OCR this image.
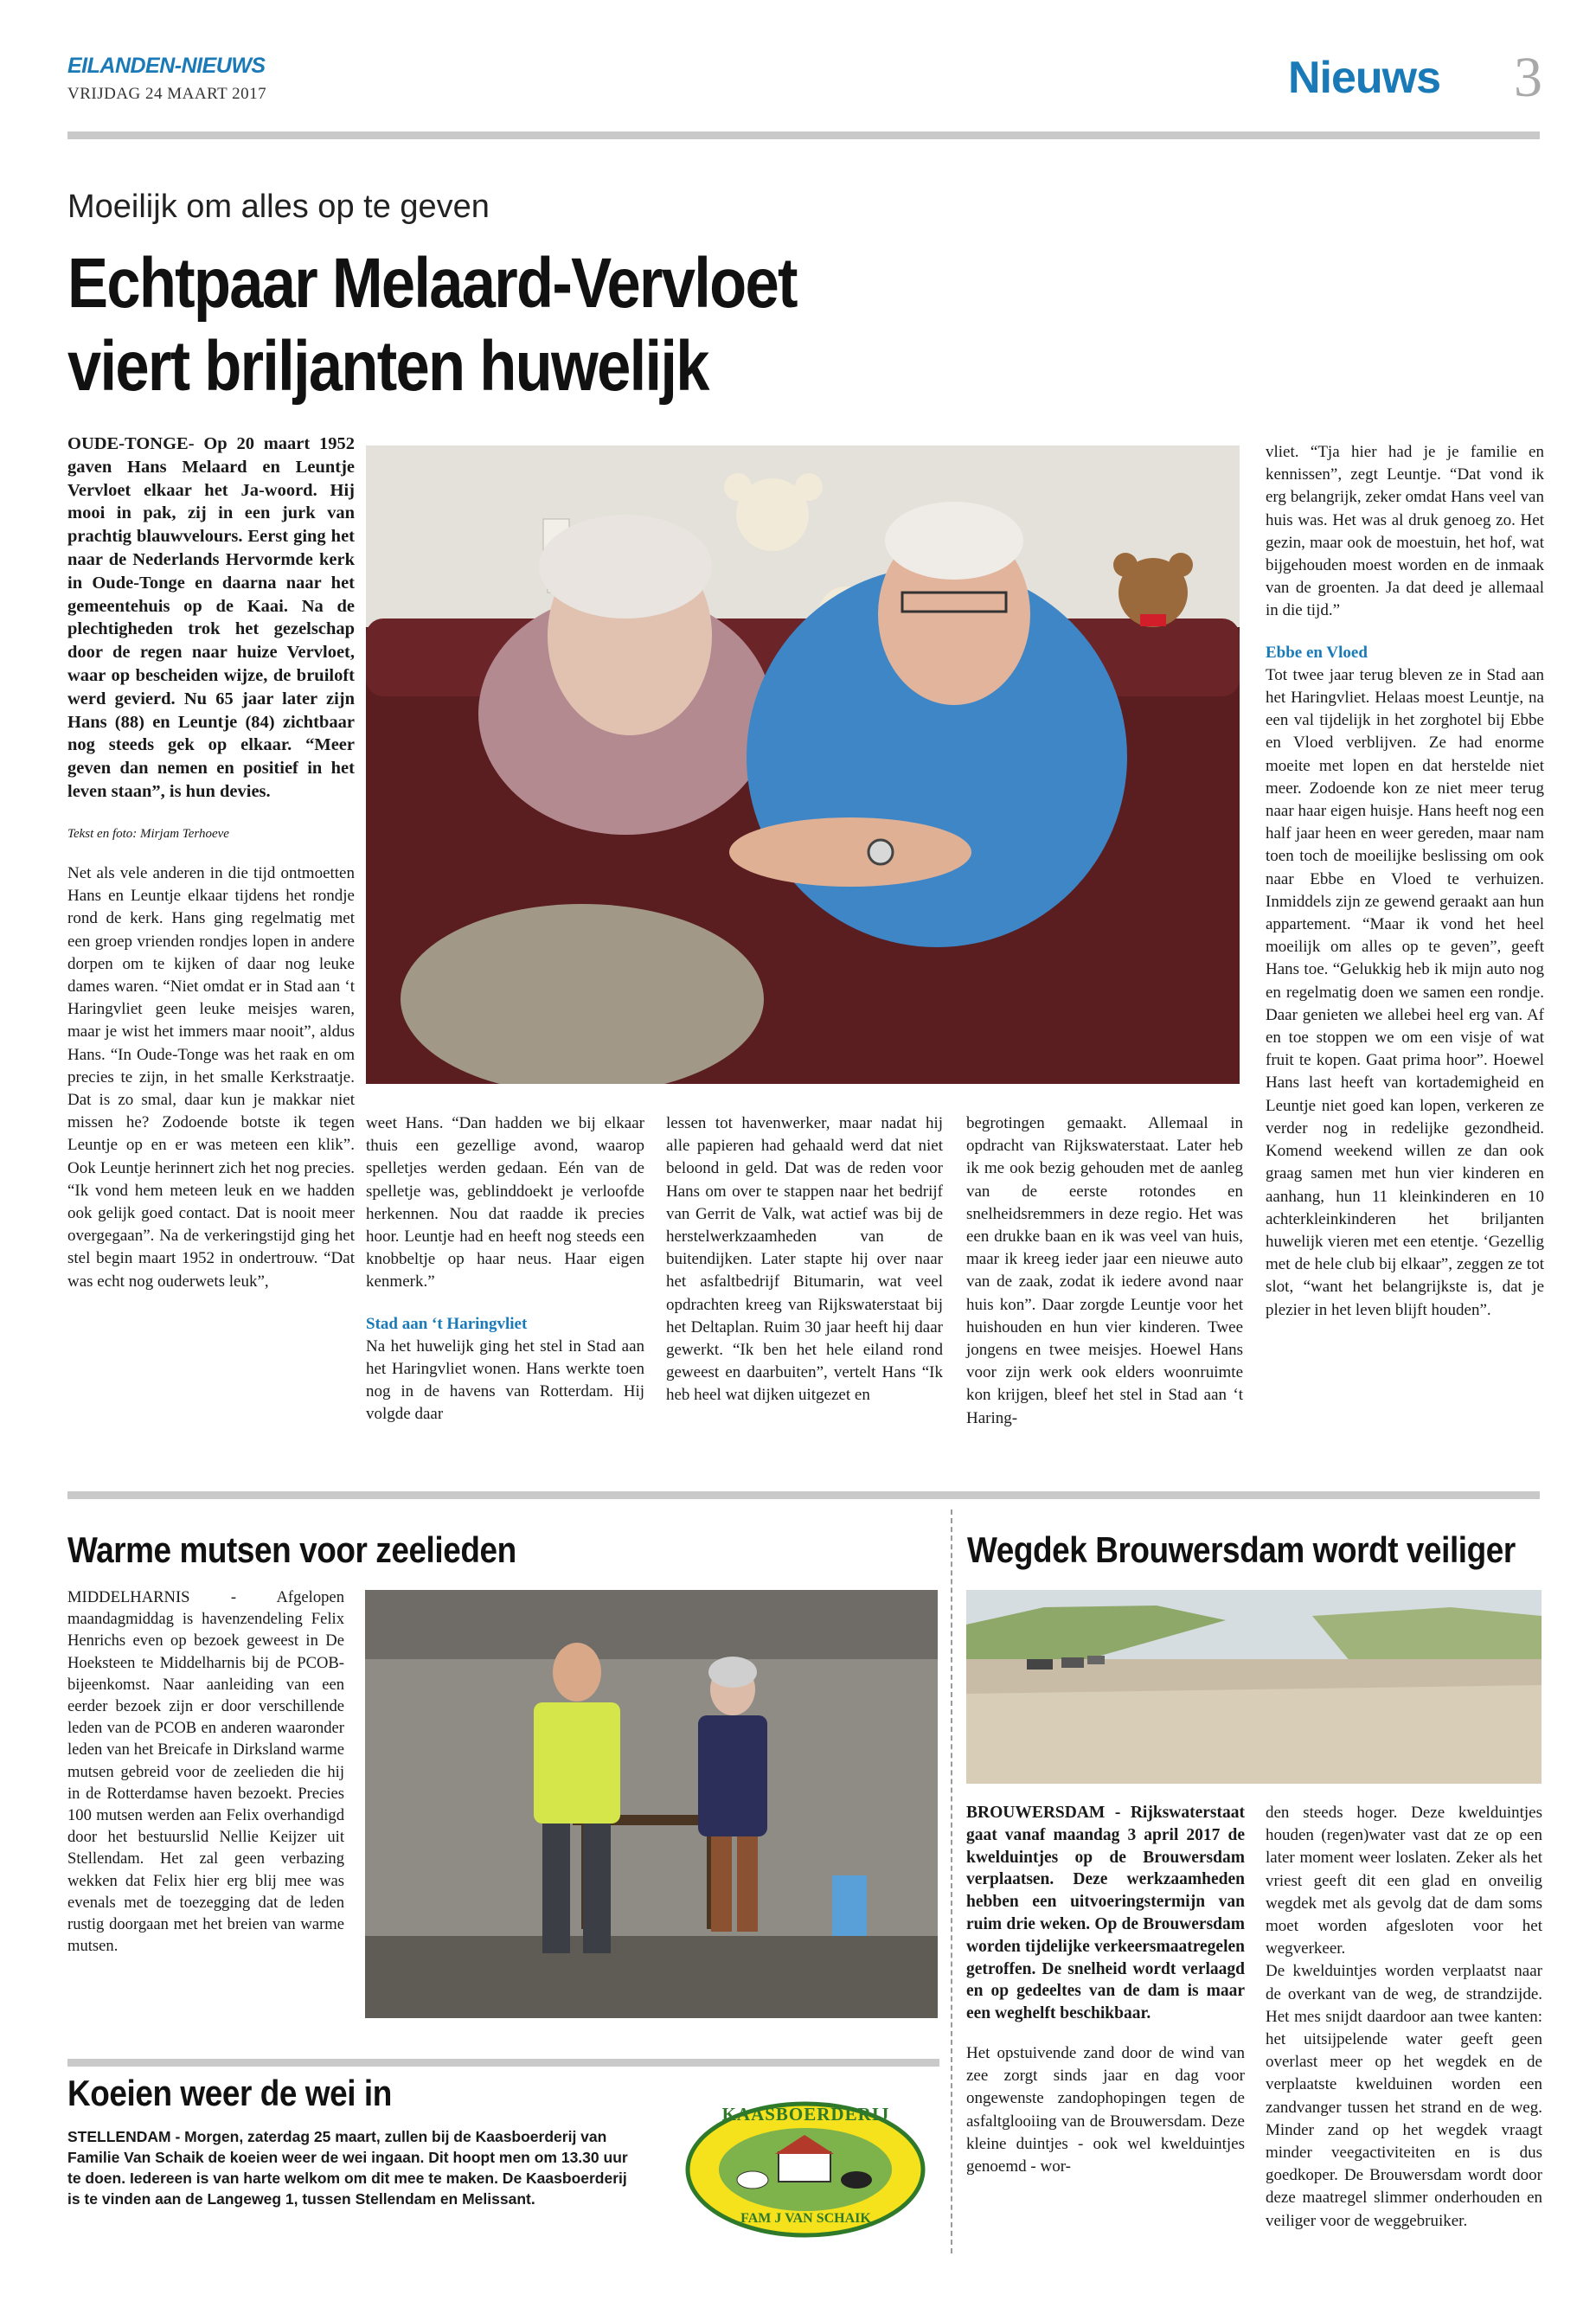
EILANDEN-NIEUWS
VRIJDAG 24 MAART 2017	Nieuws 3
Moeilijk om alles op te geven
Echtpaar Melaard-Vervloet
viert briljanten huwelijk

OUDE-TONGE- Op 20 maart 1952 gaven Hans Melaard en Leuntje Vervloet elkaar het Ja-woord. Hij mooi in pak, zij in een jurk van prachtig blauwvelours. Eerst ging het naar de Nederlands Hervormde kerk in Oude-Tonge en daarna naar het gemeentehuis op de Kaai. Na de plechtigheden trok het gezelschap door de regen naar huize Vervloet, waar op bescheiden wijze, de bruiloft werd gevierd. Nu 65 jaar later zijn Hans (88) en Leuntje (84) zichtbaar nog steeds gek op elkaar. “Meer geven dan nemen en positief in het leven staan”, is hun devies.

Tekst en foto: Mirjam Terhoeve

Net als vele anderen in die tijd ontmoetten Hans en Leuntje elkaar tijdens het rondje rond de kerk. Hans ging regelmatig met een groep vrienden rondjes lopen in andere dorpen om te kijken of daar nog leuke dames waren. “Niet omdat er in Stad aan ‘t Haringvliet geen leuke meisjes waren, maar je wist het immers maar nooit”, aldus Hans. “In Oude-Tonge was het raak en om precies te zijn, in het smalle Kerkstraatje. Dat is zo smal, daar kun je makkar niet missen he? Zodoende botste ik tegen Leuntje op en er was meteen een klik”. Ook Leuntje herinnert zich het nog precies. “Ik vond hem meteen leuk en we hadden ook gelijk goed contact. Dat is nooit meer overgegaan”. Na de verkeringstijd ging het stel begin maart 1952 in ondertrouw. “Dat was echt nog ouderwets leuk”,

weet Hans. “Dan hadden we bij elkaar thuis een gezellige avond, waarop spelletjes werden gedaan. Eén van de spelletje was, geblinddoekt je verloofde herkennen. Nou dat raadde ik precies hoor. Leuntje had en heeft nog steeds een knobbeltje op haar neus. Haar eigen kenmerk.”

Stad aan ‘t Haringvliet

Na het huwelijk ging het stel in Stad aan het Haringvliet wonen. Hans werkte toen nog in de havens van Rotterdam. Hij volgde daar

lessen tot havenwerker, maar nadat hij alle papieren had gehaald werd dat niet beloond in geld. Dat was de reden voor Hans om over te stappen naar het bedrijf van Gerrit de Valk, wat actief was bij de herstelwerkzaamheden van de buitendijken. Later stapte hij over naar het asfaltbedrijf Bitumarin, wat veel opdrachten kreeg van Rijkswaterstaat bij het Deltaplan. Ruim 30 jaar heeft hij daar gewerkt. “Ik ben het hele eiland rond geweest en daarbuiten”, vertelt Hans “Ik heb heel wat dijken uitgezet en

begrotingen gemaakt. Allemaal in opdracht van Rijkswaterstaat. Later heb ik me ook bezig gehouden met de aanleg van de eerste rotondes en snelheidsremmers in deze regio. Het was een drukke baan en ik was veel van huis, maar ik kreeg ieder jaar een nieuwe auto van de zaak, zodat ik iedere avond naar huis kon”. Daar zorgde Leuntje voor het huishouden en hun vier kinderen. Twee jongens en twee meisjes. Hoewel Hans voor zijn werk ook elders woonruimte kon krijgen, bleef het stel in Stad aan ‘t Haring-

vliet. “Tja hier had je je familie en kennissen”, zegt Leuntje. “Dat vond ik erg belangrijk, zeker omdat Hans veel van huis was. Het was al druk genoeg zo. Het gezin, maar ook de moestuin, het hof, wat bijgehouden moest worden en de inmaak van de groenten. Ja dat deed je allemaal in die tijd.”

Ebbe en Vloed

Tot twee jaar terug bleven ze in Stad aan het Haringvliet. Helaas moest Leuntje, na een val tijdelijk in het zorghotel bij Ebbe en Vloed verblijven. Ze had enorme moeite met lopen en dat herstelde niet meer. Zodoende kon ze niet meer terug naar haar eigen huisje. Hans heeft nog een half jaar heen en weer gereden, maar nam toen toch de moeilijke beslissing om ook naar Ebbe en Vloed te verhuizen. Inmiddels zijn ze gewend geraakt aan hun appartement. “Maar ik vond het heel moeilijk om alles op te geven”, geeft Hans toe. “Gelukkig heb ik mijn auto nog en regelmatig doen we samen een rondje. Daar genieten we allebei heel erg van. Af en toe stoppen we om een visje of wat fruit te kopen. Gaat prima hoor”. Hoewel Hans last heeft van kortademigheid en Leuntje niet goed kan lopen, verkeren ze verder nog in redelijke gezondheid. Komend weekend willen ze dan ook graag samen met hun vier kinderen en aanhang, hun 11 kleinkinderen en 10 achterkleinkinderen het briljanten huwelijk vieren met een etentje. ‘Gezellig met de hele club bij elkaar”, zeggen ze tot slot, “want het belangrijkste is, dat je plezier in het leven blijft houden”.

Warme mutsen voor zeelieden

MIDDELHARNIS - Afgelopen maandagmiddag is havenzendeling Felix Henrichs even op bezoek geweest in De Hoeksteen te Middelharnis bij de PCOB-bijeenkomst. Naar aanleiding van een eerder bezoek zijn er door verschillende leden van de PCOB en anderen waaronder leden van het Breicafe in Dirksland warme mutsen gebreid voor de zeelieden die hij in de Rotterdamse haven bezoekt. Precies 100 mutsen werden aan Felix overhandigd door het bestuurslid Nellie Keijzer uit Stellendam. Het zal geen verbazing wekken dat Felix hier erg blij mee was evenals met de toezegging dat de leden rustig doorgaan met het breien van warme mutsen.

Koeien weer de wei in
STELLENDAM - Morgen, zaterdag 25 maart, zullen bij de Kaasboerderij van Familie Van Schaik de koeien weer de wei ingaan. Dit hoopt men om 13.30 uur te doen. Iedereen is van harte welkom om dit mee te maken. De Kaasboerderij is te vinden aan de Langeweg 1, tussen Stellendam en Melissant.
KAASBOERDERIJ
FAM J VAN SCHAIK
Wegdek Brouwersdam wordt veiliger

BROUWERSDAM - Rijkswaterstaat gaat vanaf maandag 3 april 2017 de kwelduintjes op de Brouwersdam verplaatsen. Deze werkzaamheden hebben een uitvoeringstermijn van ruim drie weken. Op de Brouwersdam worden tijdelijke verkeersmaatregelen getroffen. De snelheid wordt verlaagd en op gedeeltes van de dam is maar een weghelft beschikbaar.

Het opstuivende zand door de wind van zee zorgt sinds jaar en dag voor ongewenste zandophopingen tegen de asfaltglooiing van de Brouwersdam. Deze kleine duintjes - ook wel kwelduintjes genoemd - wor-

den steeds hoger. Deze kwelduintjes houden (regen)water vast dat ze op een later moment weer loslaten. Zeker als het vriest geeft dit een glad en onveilig wegdek met als gevolg dat de dam soms moet worden afgesloten voor het wegverkeer.

De kwelduintjes worden verplaatst naar de overkant van de weg, de strandzijde. Het mes snijdt daardoor aan twee kanten: het uitsijpelende water geeft geen overlast meer op het wegdek en de verplaatste kwelduinen worden een zandvanger tussen het strand en de weg. Minder zand op het wegdek vraagt minder veegactiviteiten en is dus goedkoper. De Brouwersdam wordt door deze maatregel slimmer onderhouden en veiliger voor de weggebruiker.
